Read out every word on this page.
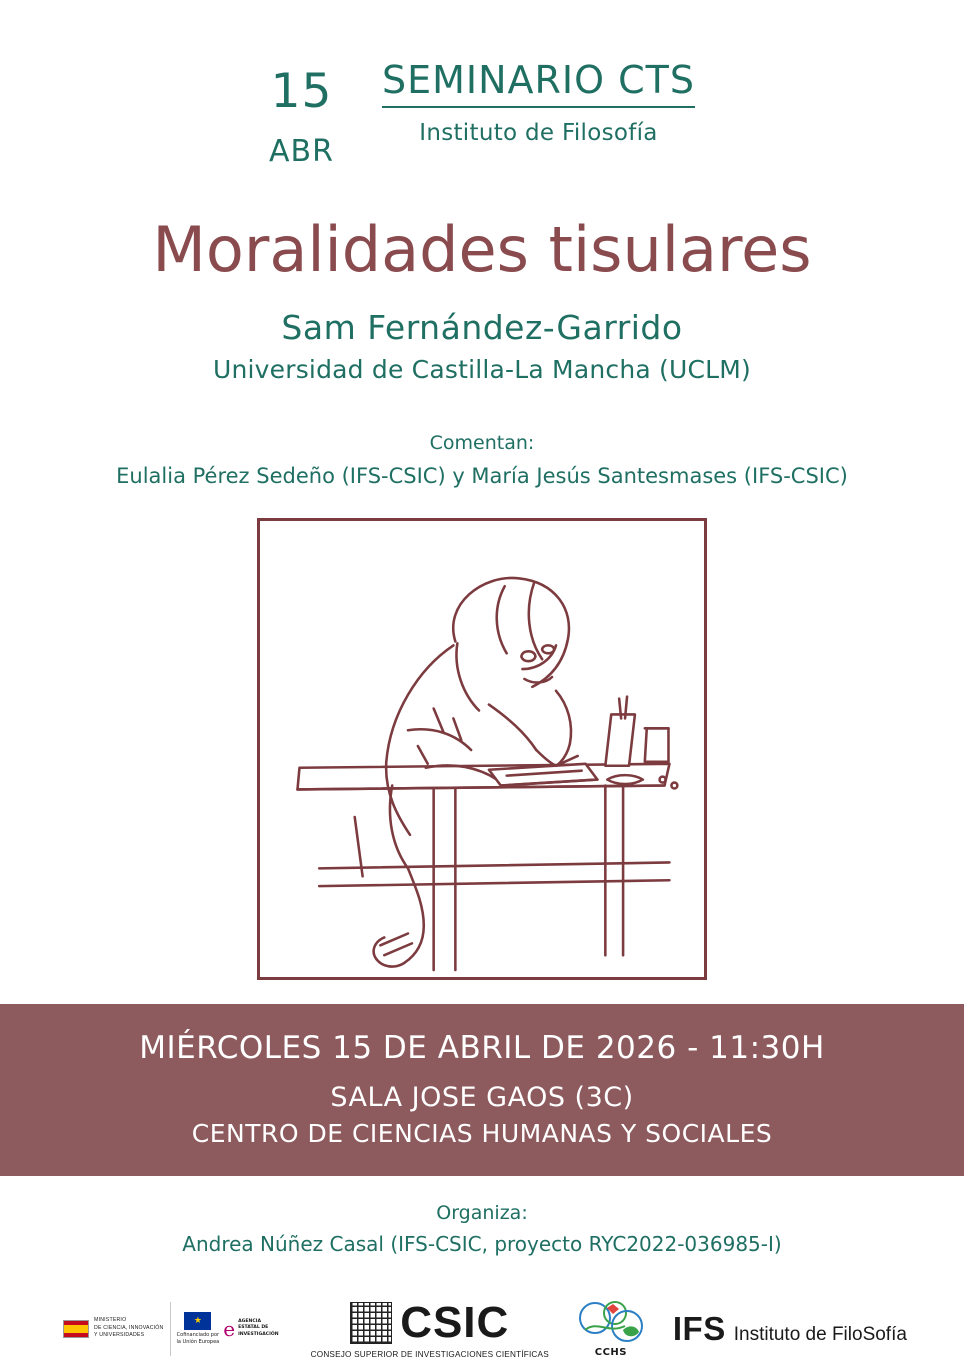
15
ABR
SEMINARIO CTS
Instituto de Filosofía
Moralidades tisulares
Sam Fernández-Garrido
Universidad de Castilla-La Mancha (UCLM)
Comentan:
Eulalia Pérez Sedeño (IFS-CSIC) y María Jesús Santesmases (IFS-CSIC)
MIÉRCOLES 15 DE ABRIL DE 2026 - 11:30H
SALA JOSE GAOS (3C)
CENTRO DE CIENCIAS HUMANAS Y SOCIALES
Organiza:
Andrea Núñez Casal (IFS-CSIC, proyecto RYC2022-036985-I)
MINISTERIO
DE CIENCIA, INNOVACIÓN
Y UNIVERSIDADES
★	Cofinanciado por
la Unión Europea
e AGENCIA
ESTATAL DE
INVESTIGACIÓN	CSIC
CONSEJO SUPERIOR DE INVESTIGACIONES CIENTÍFICAS	CCHS
IFS Instituto de FiloSofía
